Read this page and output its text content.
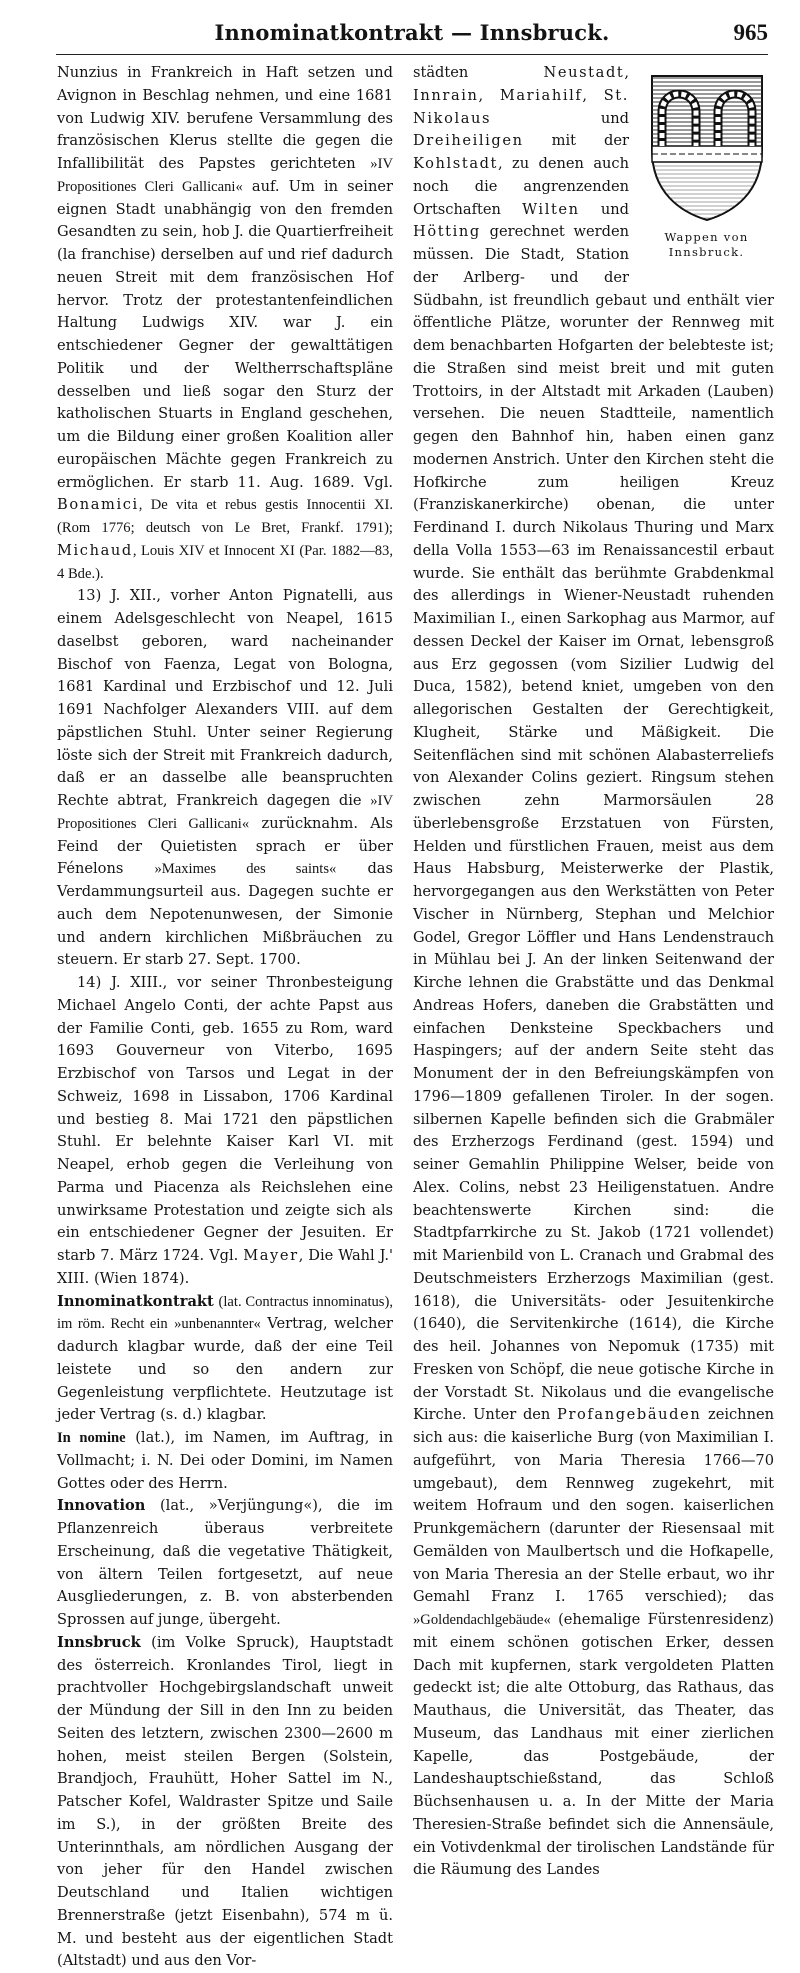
Innominatkontrakt — Innsbruck.	965

Nunzius in Frankreich in Haft setzen und Avignon in Beschlag nehmen, und eine 1681 von Ludwig XIV. berufene Versammlung des französischen Klerus stellte die gegen die Infallibilität des Papstes gerichteten »IV Propositiones Cleri Gallicani« auf. Um in seiner eignen Stadt unabhängig von den fremden Gesandten zu sein, hob J. die Quartierfreiheit (la franchise) derselben auf und rief dadurch neuen Streit mit dem französischen Hof hervor. Trotz der protestantenfeindlichen Haltung Ludwigs XIV. war J. ein entschiedener Gegner der gewalttätigen Politik und der Weltherrschaftspläne desselben und ließ sogar den Sturz der katholischen Stuarts in England geschehen, um die Bildung einer großen Koalition aller europäischen Mächte gegen Frankreich zu ermöglichen. Er starb 11. Aug. 1689. Vgl. Bonamici, De vita et rebus gestis Innocentii XI. (Rom 1776; deutsch von Le Bret, Frankf. 1791); Michaud, Louis XIV et Innocent XI (Par. 1882—83, 4 Bde.).

13) J. XII., vorher Anton Pignatelli, aus einem Adelsgeschlecht von Neapel, 1615 daselbst geboren, ward nacheinander Bischof von Faenza, Legat von Bologna, 1681 Kardinal und Erzbischof und 12. Juli 1691 Nachfolger Alexanders VIII. auf dem päpstlichen Stuhl. Unter seiner Regierung löste sich der Streit mit Frankreich dadurch, daß er an dasselbe alle beanspruchten Rechte abtrat, Frankreich dagegen die »IV Propositiones Cleri Gallicani« zurücknahm. Als Feind der Quietisten sprach er über Fénelons »Maximes des saints« das Verdammungsurteil aus. Dagegen suchte er auch dem Nepotenunwesen, der Simonie und andern kirchlichen Mißbräuchen zu steuern. Er starb 27. Sept. 1700.

14) J. XIII., vor seiner Thronbesteigung Michael Angelo Conti, der achte Papst aus der Familie Conti, geb. 1655 zu Rom, ward 1693 Gouverneur von Viterbo, 1695 Erzbischof von Tarsos und Legat in der Schweiz, 1698 in Lissabon, 1706 Kardinal und bestieg 8. Mai 1721 den päpstlichen Stuhl. Er belehnte Kaiser Karl VI. mit Neapel, erhob gegen die Verleihung von Parma und Piacenza als Reichslehen eine unwirksame Protestation und zeigte sich als ein entschiedener Gegner der Jesuiten. Er starb 7. März 1724. Vgl. Mayer, Die Wahl J.' XIII. (Wien 1874).

Innominatkontrakt (lat. Contractus innominatus), im röm. Recht ein »unbenannter« Vertrag, welcher dadurch klagbar wurde, daß der eine Teil leistete und so den andern zur Gegenleistung verpflichtete. Heutzutage ist jeder Vertrag (s. d.) klagbar.

In nomine (lat.), im Namen, im Auftrag, in Vollmacht; i. N. Dei oder Domini, im Namen Gottes oder des Herrn.

Innovation (lat., »Verjüngung«), die im Pflanzenreich überaus verbreitete Erscheinung, daß die vegetative Thätigkeit, von ältern Teilen fortgesetzt, auf neue Ausgliederungen, z. B. von absterbenden Sprossen auf junge, übergeht.

Innsbruck (im Volke Spruck), Hauptstadt des österreich. Kronlandes Tirol, liegt in prachtvoller Hochgebirgslandschaft unweit der Mündung der Sill in den Inn zu beiden Seiten des letztern, zwischen 2300—2600 m hohen, meist steilen Bergen (Solstein, Brandjoch, Frauhütt, Hoher Sattel im N., Patscher Kofel, Waldraster Spitze und Saile im S.), in der größten Breite des Unterinnthals, am nördlichen Ausgang der von jeher für den Handel zwischen Deutschland und Italien wichtigen Brennerstraße (jetzt Eisenbahn), 574 m ü. M. und besteht aus der eigentlichen Stadt (Altstadt) und aus den Vor-

Wappen von Innsbruck.

städten	Neustadt, Innrain, Mariahilf, St. Nikolaus	und Dreiheiligen mit der Kohlstadt, zu denen auch noch die angrenzenden Ortschaften Wilten und Hötting gerechnet werden müssen. Die Stadt, Station der Arlberg- und der Südbahn, ist freundlich gebaut und enthält vier öffentliche Plätze, worunter der Rennweg mit dem benachbarten Hofgarten der belebteste ist; die Straßen sind meist breit und mit guten Trottoirs, in der Altstadt mit Arkaden (Lauben) versehen. Die neuen Stadtteile, namentlich gegen den Bahnhof hin, haben einen ganz modernen Anstrich. Unter den Kirchen steht die Hofkirche zum heiligen Kreuz (Franziskanerkirche) obenan, die unter Ferdinand I. durch Nikolaus Thuring und Marx della Volla 1553—63 im Renaissancestil erbaut wurde. Sie enthält das berühmte Grabdenkmal des allerdings in Wiener-Neustadt ruhenden Maximilian I., einen Sarkophag aus Marmor, auf dessen Deckel der Kaiser im Ornat, lebensgroß aus Erz gegossen (vom Sizilier Ludwig del Duca, 1582), betend kniet, umgeben von den allegorischen Gestalten der Gerechtigkeit, Klugheit, Stärke und Mäßigkeit. Die Seitenflächen sind mit schönen Alabasterreliefs von Alexander Colins geziert. Ringsum stehen zwischen zehn Marmorsäulen 28 überlebensgroße Erzstatuen von Fürsten, Helden und fürstlichen Frauen, meist aus dem Haus Habsburg, Meisterwerke der Plastik, hervorgegangen aus den Werkstätten von Peter Vischer in Nürnberg, Stephan und Melchior Godel, Gregor Löffler und Hans Lendenstrauch in Mühlau bei J. An der linken Seitenwand der Kirche lehnen die Grabstätte und das Denkmal Andreas Hofers, daneben die Grabstätten und einfachen Denksteine Speckbachers und Haspingers; auf der andern Seite steht das Monument der in den Befreiungskämpfen von 1796—1809 gefallenen Tiroler. In der sogen. silbernen Kapelle befinden sich die Grabmäler des Erzherzogs Ferdinand (gest. 1594) und seiner Gemahlin Philippine Welser, beide von Alex. Colins, nebst 23 Heiligenstatuen. Andre beachtenswerte Kirchen sind: die Stadtpfarrkirche zu St. Jakob (1721 vollendet) mit Marienbild von L. Cranach und Grabmal des Deutschmeisters Erzherzogs Maximilian (gest. 1618), die Universitäts- oder Jesuitenkirche (1640), die Servitenkirche (1614), die Kirche des heil. Johannes von Nepomuk (1735) mit Fresken von Schöpf, die neue gotische Kirche in der Vorstadt St. Nikolaus und die evangelische Kirche. Unter den Profangebäuden zeichnen sich aus: die kaiserliche Burg (von Maximilian I. aufgeführt, von Maria Theresia 1766—70 umgebaut), dem Rennweg zugekehrt, mit weitem Hofraum und den sogen. kaiserlichen Prunkgemächern (darunter der Riesensaal mit Gemälden von Maulbertsch und die Hofkapelle, von Maria Theresia an der Stelle erbaut, wo ihr Gemahl Franz I. 1765 verschied); das »Goldendachlgebäude« (ehemalige Fürstenresidenz) mit einem schönen gotischen Erker, dessen Dach mit kupfernen, stark vergoldeten Platten gedeckt ist; die alte Ottoburg, das Rathaus, das Mauthaus, die Universität, das Theater, das Museum, das Landhaus mit einer zierlichen Kapelle, das Postgebäude, der Landeshauptschießstand, das Schloß Büchsenhausen u. a. In der Mitte der Maria Theresien-Straße befindet sich die Annensäule, ein Votivdenkmal der tirolischen Landstände für die Räumung des Landes
